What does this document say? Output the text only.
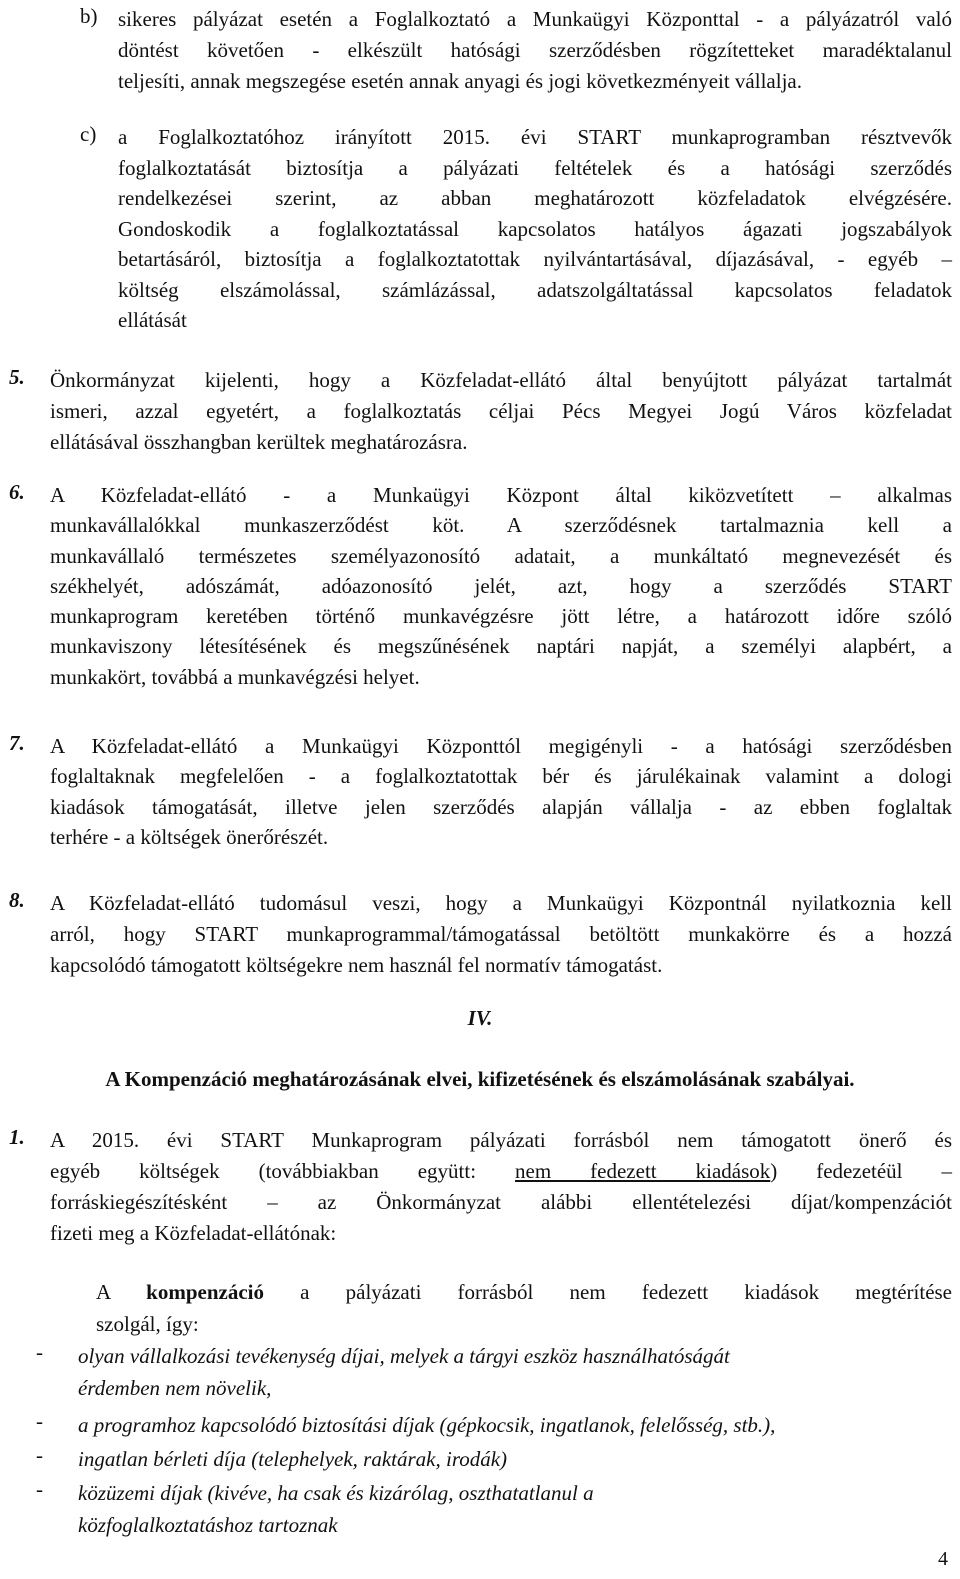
b) sikeres pályázat esetén a Foglalkoztató a Munkaügyi Központtal - a pályázatról való
döntést követően - elkészült hatósági szerződésben rögzítetteket maradéktalanul
teljesíti, annak megszegése esetén annak anyagi és jogi következményeit vállalja.
c) a Foglalkoztatóhoz irányított 2015. évi START munkaprogramban résztvevők
foglalkoztatását biztosítja a pályázati feltételek és a hatósági szerződés
rendelkezései szerint, az abban meghatározott közfeladatok elvégzésére.
Gondoskodik a foglalkoztatással kapcsolatos hatályos ágazati jogszabályok
betartásáról, biztosítja a foglalkoztatottak nyilvántartásával, díjazásával, - egyéb –
költség elszámolással, számlázással, adatszolgáltatással kapcsolatos feladatok
ellátását
5. Önkormányzat kijelenti, hogy a Közfeladat-ellátó által benyújtott pályázat tartalmát
ismeri, azzal egyetért, a foglalkoztatás céljai Pécs Megyei Jogú Város közfeladat
ellátásával összhangban kerültek meghatározásra.
6. A Közfeladat-ellátó - a Munkaügyi Központ által kiközvetített – alkalmas
munkavállalókkal munkaszerződést köt. A szerződésnek tartalmaznia kell a
munkavállaló természetes személyazonosító adatait, a munkáltató megnevezését és
székhelyét, adószámát, adóazonosító jelét, azt, hogy a szerződés START
munkaprogram keretében történő munkavégzésre jött létre, a határozott időre szóló
munkaviszony létesítésének és megszűnésének naptári napját, a személyi alapbért, a
munkakört, továbbá a munkavégzési helyet.
7. A Közfeladat-ellátó a Munkaügyi Központtól megigényli - a hatósági szerződésben
foglaltaknak megfelelően - a foglalkoztatottak bér és járulékainak valamint a dologi
kiadások támogatását, illetve jelen szerződés alapján vállalja - az ebben foglaltak
terhére - a költségek önerőrészét.
8. A Közfeladat-ellátó tudomásul veszi, hogy a Munkaügyi Központnál nyilatkoznia kell
arról, hogy START munkaprogrammal/támogatással betöltött munkakörre és a hozzá
kapcsolódó támogatott költségekre nem használ fel normatív támogatást.
IV.
A Kompenzáció meghatározásának elvei, kifizetésének és elszámolásának szabályai.
1. A 2015. évi START Munkaprogram pályázati forrásból nem támogatott önerő és
egyéb költségek (továbbiakban együtt: nem fedezett kiadások) fedezetéül –
forráskiegészítésként – az Önkormányzat alábbi ellentételezési díjat/kompenzációt
fizeti meg a Közfeladat-ellátónak:
A kompenzáció a pályázati forrásból nem fedezett kiadások megtérítése
szolgál, így:
- olyan vállalkozási tevékenység díjai, melyek a tárgyi eszköz használhatóságát
érdemben nem növelik,
- a programhoz kapcsolódó biztosítási díjak (gépkocsik, ingatlanok, felelősség, stb.),
- ingatlan bérleti díja (telephelyek, raktárak, irodák)
- közüzemi díjak (kivéve, ha csak és kizárólag, oszthatatlanul a
közfoglalkoztatáshoz tartoznak
4
